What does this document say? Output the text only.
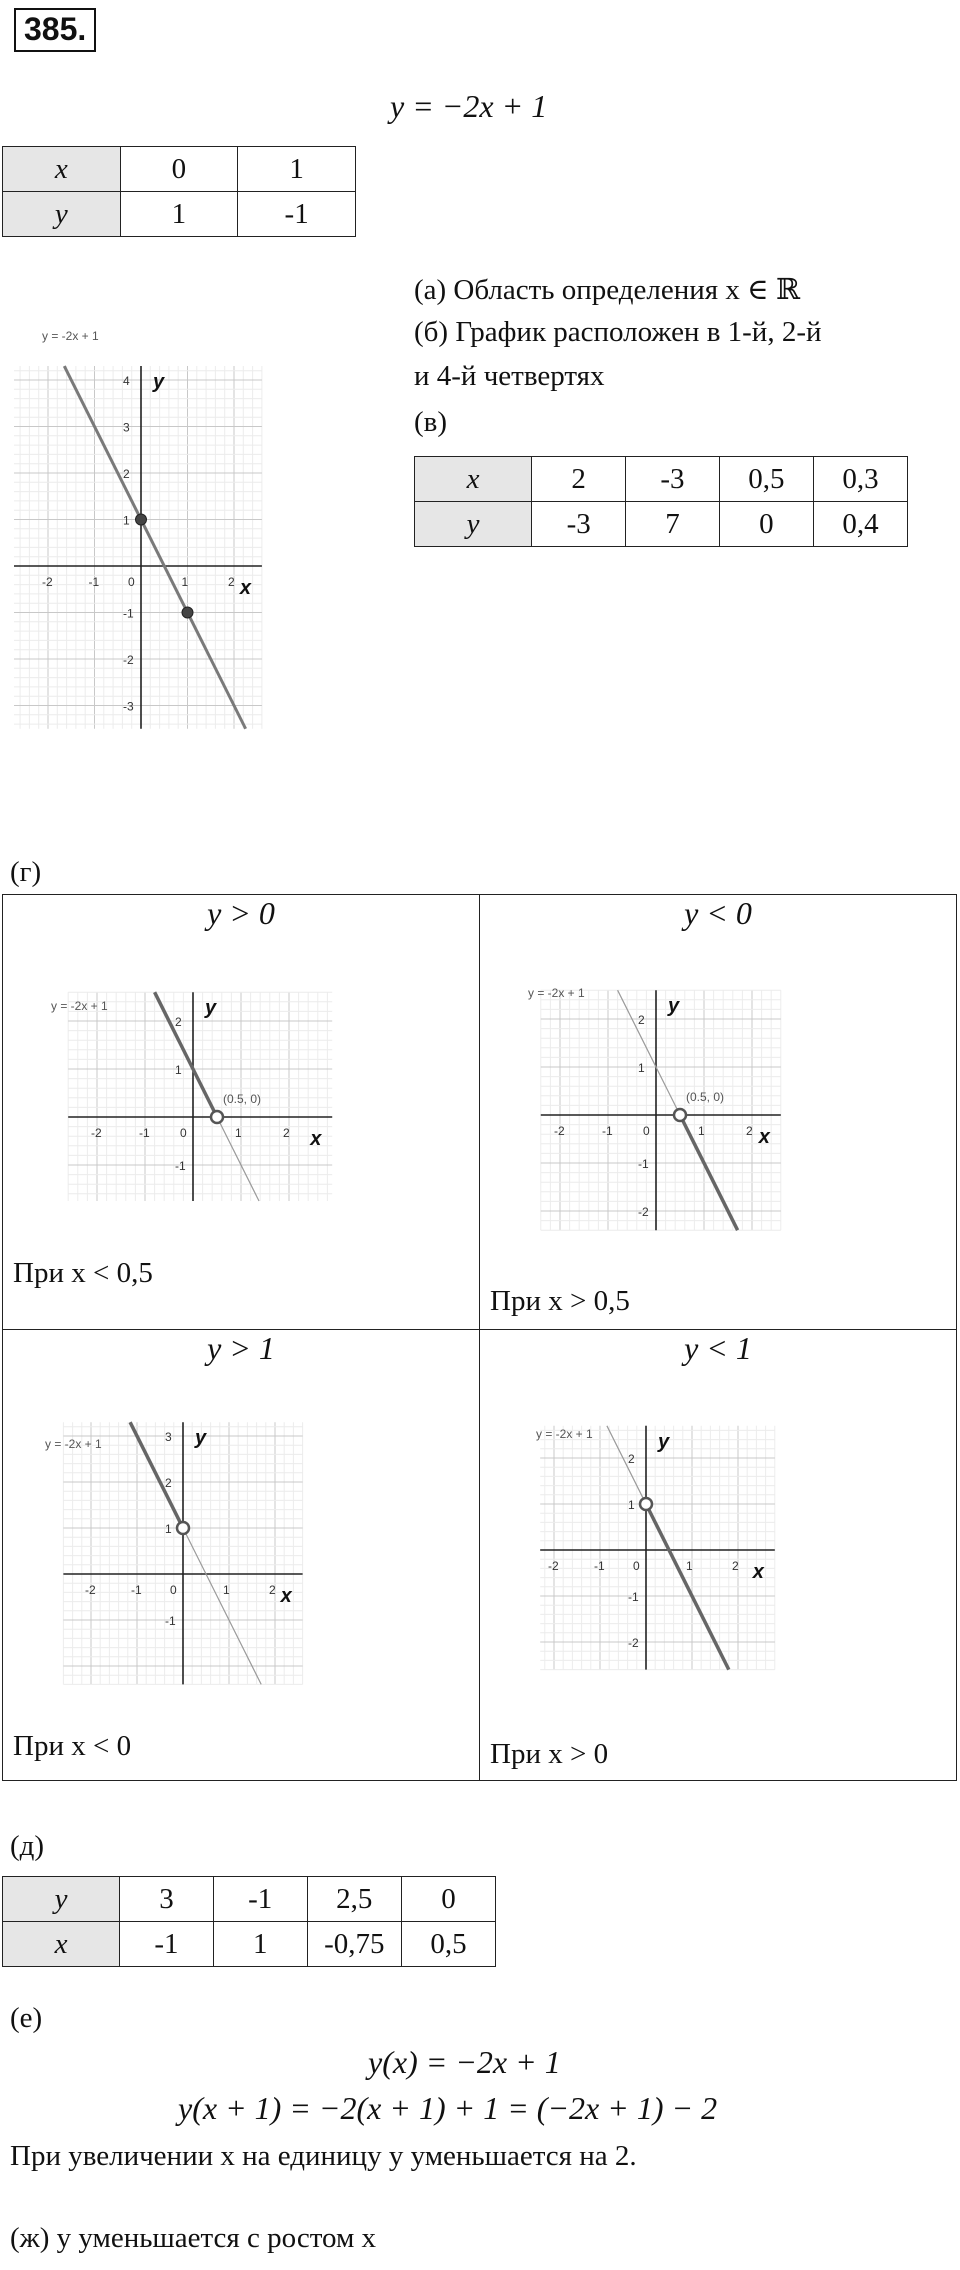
385.
y = −2x + 1
x	0	1
y	1	-1
-2	-1 0	1	2
4
3
2
1
-1
-2
-3
x
y
y = -2x + 1
(а) Область определения x ∈ ℝ
(б) График расположен в 1-й, 2-й
и 4-й четвертях
(в)
x	2	-3	0,5	0,3
y	-3	7	0	0,4
(г)
y > 0
-2	-1	0	1	2
2
1
-1
x
y
y = -2x + 1
(0.5, 0)
При x < 0,5
y < 0
-2	-1	0	1	2
2
1
-1
-2
x
y
y = -2x + 1
(0.5, 0)
При x > 0,5
y > 1
-2	-1 0	1	2
3
2
1
-1
x
y
y = -2x + 1
При x < 0
y < 1
-2	-1 0	1	2
2
1
-1
-2
x
y
y = -2x + 1
При x > 0
(д)
y	3	-1	2,5	0
x	-1	1	-0,75	0,5
(е)
y(x) = −2x + 1
y(x + 1) = −2(x + 1) + 1 = (−2x + 1) − 2
При увеличении x на единицу y уменьшается на 2.
(ж) y уменьшается с ростом x
